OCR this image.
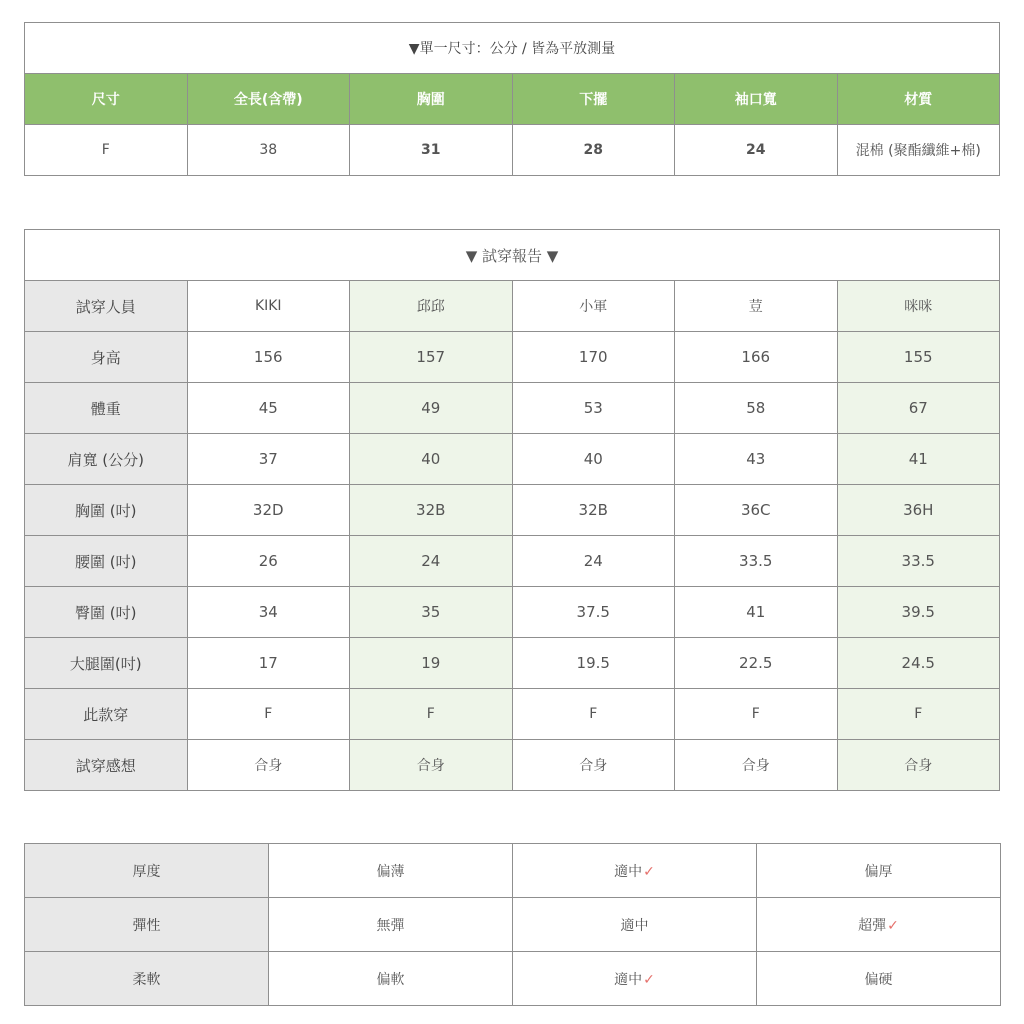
▼單一尺寸：公分 / 皆為平放測量					
尺寸	全長(含帶)	胸圍	下擺	袖口寬	材質
F	38	31	28	24	混棉 (聚酯纖維+棉)
▼ 試穿報告 ▼					
試穿人員	KIKI	邱邱	小軍	荳	咪咪
身高	156	157	170	166	155
體重	45	49	53	58	67
肩寬 (公分)	37	40	40	43	41
胸圍 (吋)	32D	32B	32B	36C	36H
腰圍 (吋)	26	24	24	33.5	33.5
臀圍 (吋)	34	35	37.5	41	39.5
大腿圍(吋)	17	19	19.5	22.5	24.5
此款穿	F	F	F	F	F
試穿感想	合身	合身	合身	合身	合身
厚度	偏薄	適中✓	偏厚
彈性	無彈	適中	超彈✓
柔軟	偏軟	適中✓	偏硬
